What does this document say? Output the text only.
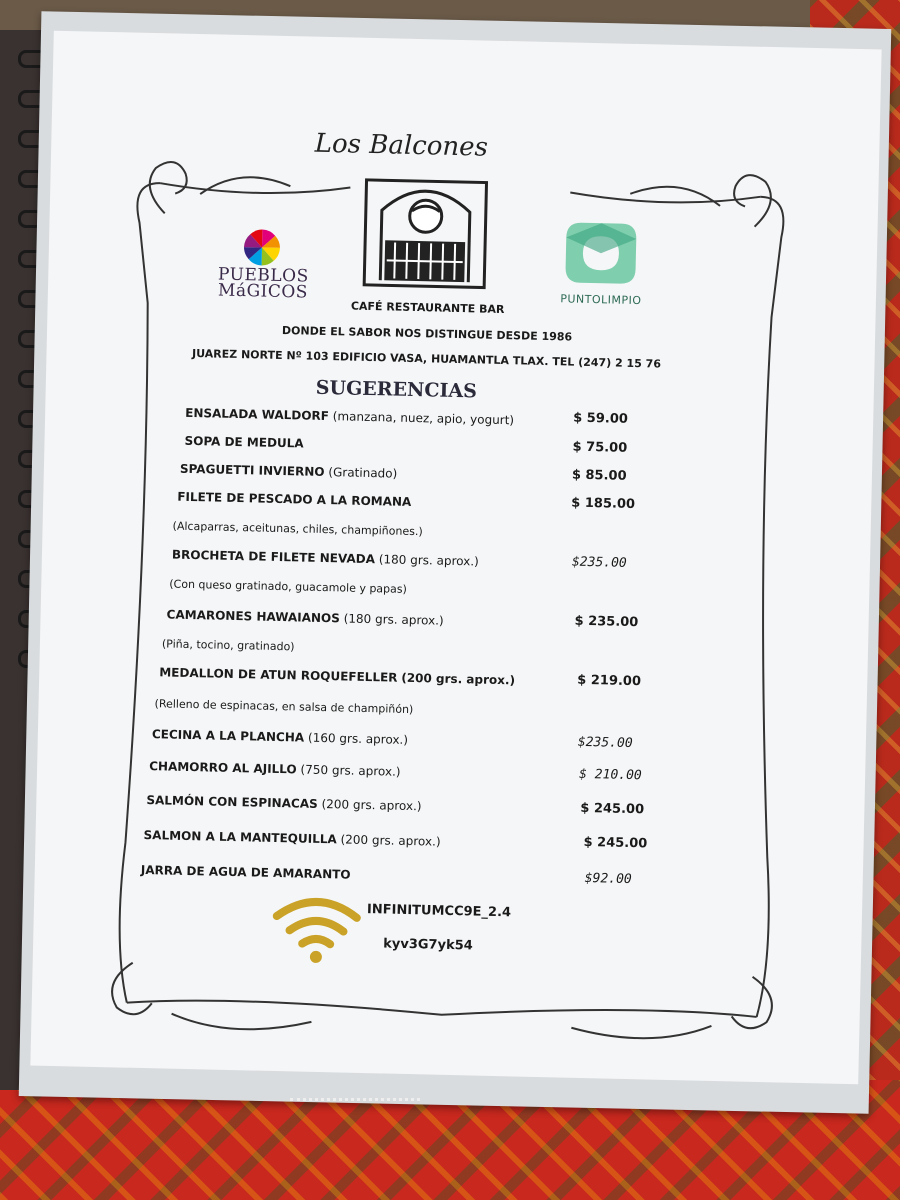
Los Balcones
PUEBLOS
MáGICOS	PUNTOLIMPIO
CAFÉ RESTAURANTE BAR
DONDE EL SABOR NOS DISTINGUE DESDE 1986
JUAREZ NORTE Nº 103 EDIFICIO VASA, HUAMANTLA TLAX. TEL (247) 2 15 76
SUGERENCIAS
ENSALADA WALDORF (manzana, nuez, apio, yogurt)	$ 59.00
SOPA DE MEDULA	$ 75.00
SPAGUETTI INVIERNO (Gratinado)	$ 85.00
FILETE DE PESCADO A LA ROMANA	$ 185.00
(Alcaparras, aceitunas, chiles, champiñones.)
BROCHETA DE FILETE NEVADA (180 grs. aprox.)	$235.00
(Con queso gratinado, guacamole y papas)
CAMARONES HAWAIANOS (180 grs. aprox.)	$ 235.00
(Piña, tocino, gratinado)
MEDALLON DE ATUN ROQUEFELLER (200 grs. aprox.)	$ 219.00
(Relleno de espinacas, en salsa de champiñón)
CECINA A LA PLANCHA (160 grs. aprox.)	$235.00
CHAMORRO AL AJILLO (750 grs. aprox.)	$ 210.00
SALMÓN CON ESPINACAS (200 grs. aprox.)	$ 245.00
SALMON A LA MANTEQUILLA (200 grs. aprox.)	$ 245.00
JARRA DE AGUA DE AMARANTO	$92.00
INFINITUMCC9E_2.4
kyv3G7yk54
